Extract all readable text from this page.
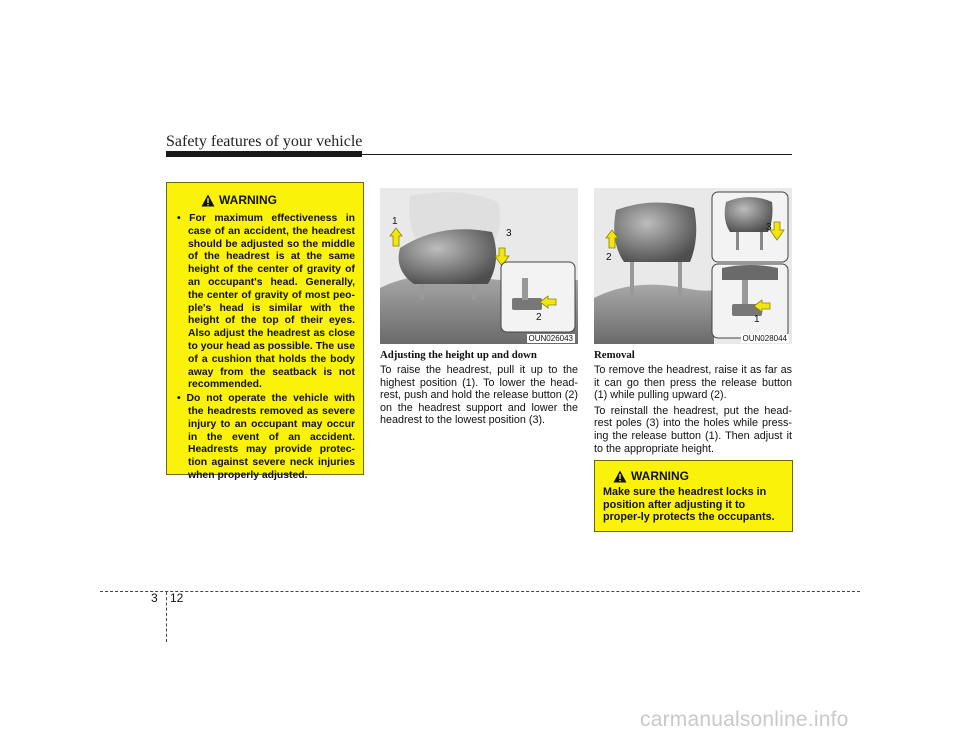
Safety features of your vehicle
WARNING
• For maximum effectiveness in case of an accident, the headrest should be adjusted so the middle of the headrest is at the same height of the center of gravity of an occupant's head. Generally, the center of gravity of most peo-ple's head is similar with the height of the top of their eyes. Also adjust the headrest as close to your head as possible. The use of a cushion that holds the body away from the seatback is not recommended.
• Do not operate the vehicle with the headrests removed as severe injury to an occupant may occur in the event of an accident. Headrests may provide protec-tion against severe neck injuries when properly adjusted.
1
3
2
OUN026043
2
3
1
OUN028044
Adjusting the height up and down

To raise the headrest, pull it up to the highest position (1). To lower the head-rest, push and hold the release button (2) on the headrest support and lower the headrest to the lowest position (3).

Removal

To remove the headrest, raise it as far as it can go then press the release button (1) while pulling upward (2).

To reinstall the headrest, put the head-rest poles (3) into the holes while press-ing the release button (1). Then adjust it to the appropriate height.

WARNING
Make sure the headrest locks in position after adjusting it to proper-ly protects the occupants.
3 12
carmanualsonline.info
